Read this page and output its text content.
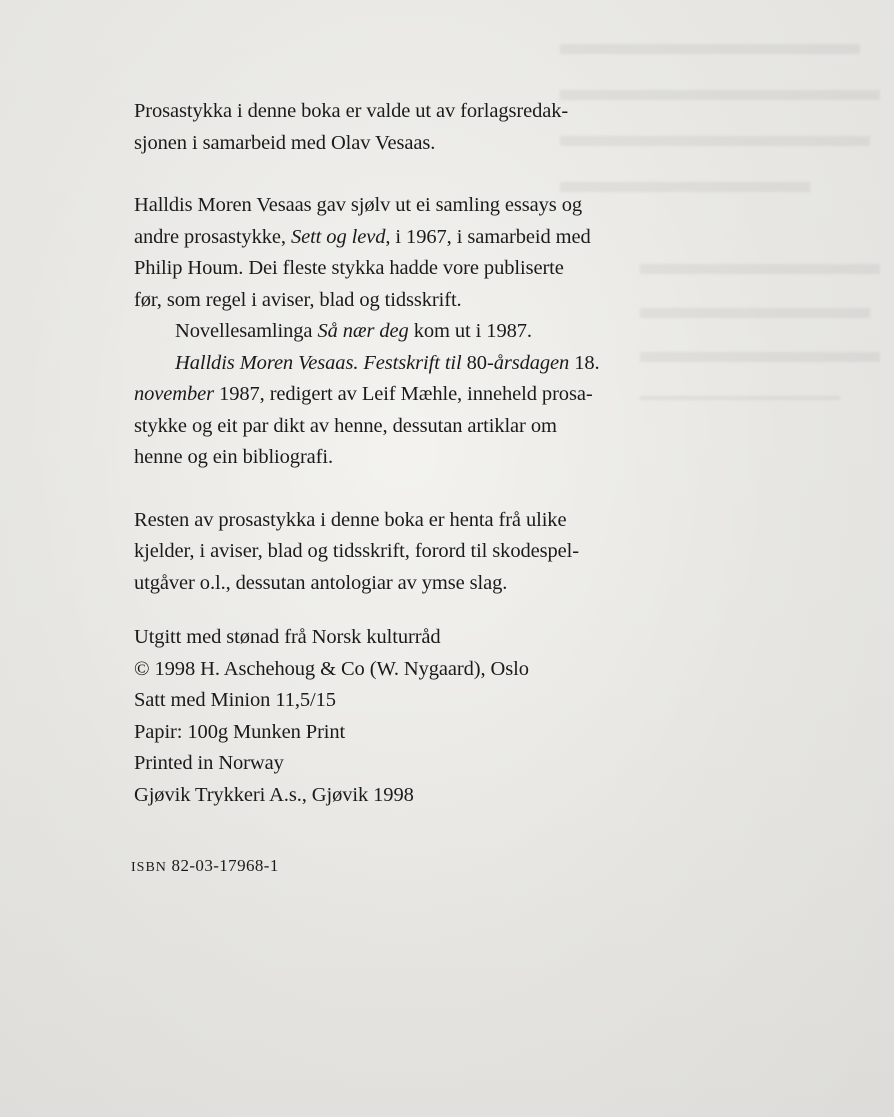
Prosastykka i denne boka er valde ut av forlagsredak-

sjonen i samarbeid med Olav Vesaas.

Halldis Moren Vesaas gav sjølv ut ei samling essays og

andre prosastykke, Sett og levd, i 1967, i samarbeid med

Philip Houm. Dei fleste stykka hadde vore publiserte

før, som regel i aviser, blad og tidsskrift.

Novellesamlinga Så nær deg kom ut i 1987.

Halldis Moren Vesaas. Festskrift til 80-årsdagen 18.

november 1987, redigert av Leif Mæhle, inneheld prosa-

stykke og eit par dikt av henne, dessutan artiklar om

henne og ein bibliografi.

Resten av prosastykka i denne boka er henta frå ulike

kjelder, i aviser, blad og tidsskrift, forord til skodespel-

utgåver o.l., dessutan antologiar av ymse slag.

Utgitt med stønad frå Norsk kulturråd

© 1998 H. Aschehoug & Co (W. Nygaard), Oslo

Satt med Minion 11,5/15

Papir: 100g Munken Print

Printed in Norway

Gjøvik Trykkeri A.s., Gjøvik 1998

ISBN 82-03-17968-1
